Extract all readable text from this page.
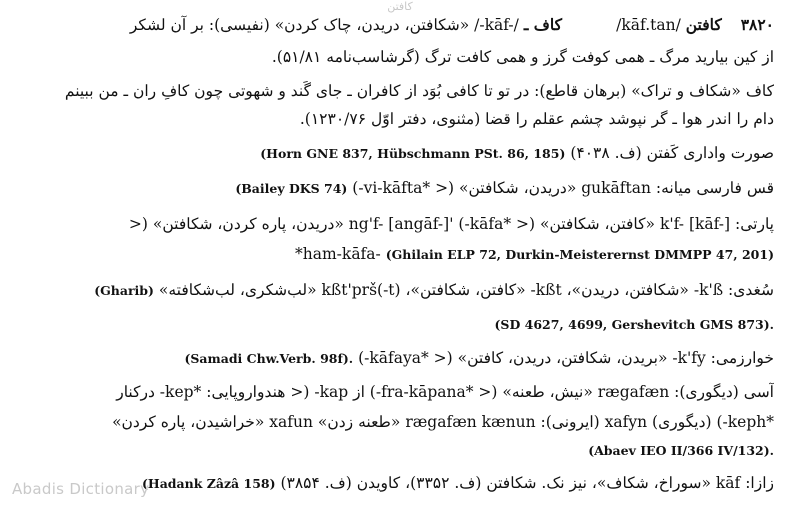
کافتن
۳۸۲۰ کافتن /kāf.tan/           کاف ـ /-kāf-/ «شکافتن، دریدن، چاک کردن» (نفیسی): بر آن لشکر
از کین بیارید مرگ ـ همی کوفت گرز و همی کافت ترگ (گرشاسب‌نامه ۵۱/۸۱).
کاف «شکاف و تراک» (برهان قاطع): در تو تا کافی بُوَد از کافران ـ جای گَند و شهوتی چون کافِ ران ـ من ببینم
دام را اندر هوا ـ گر نپوشد چشم عقلم را قضا (مثنوی، دفتر اوّل ۱۲۳۰/۷۶).
صورت واداری کَفتن (ف. ۴۰۳۸) (Horn GNE 837, Hübschmann PSt. 86, 185)
قس فارسی میانه: gukāftan «دریدن، شکافتن» (< *vi-kāfta-) (Bailey DKS 74)
پارتی: k'f- [kāf-] «کافتن، شکافتن» (< *kāfa-) 'ng'f- [angāf-] «دریدن، پاره کردن، شکافتن» (<
(Ghilain ELP 72, Durkin-Meisterernst DMMPP 47, 201) *ham-kāfa-
سُغدی: k'ß- «شکافتن، دریدن»، kßt- «کافتن، شکافتن»، kßt'prš(-t) «لب‌شکری، لب‌شکافته» (Gharib)
(SD 4627, 4699, Gershevitch GMS 873).
خوارزمی: k'fy- «بریدن، شکافتن، دریدن، کافتن» (< *kāfaya-) (Samadi Chw.Verb. 98f).
آسی (دیگوری): rægafæn «نیش، طعنه» (< *fra-kāpana-) از kap- (< هندواروپایی: *kep- درکنار
*keph-) (دیگوری) xafyn (ایرونی): rægafæn kænun «طعنه زدن» xafun «خراشیدن، پاره کردن»
(Abaev IEO II/366 IV/132).
زازا: kāf «سوراخ، شکاف»، نیز نک. شکافتن (ف. ۳۳۵۲)، کاویدن (ف. ۳۸۵۴) (Hadank Zâzâ 158)
Abadis Dictionary
